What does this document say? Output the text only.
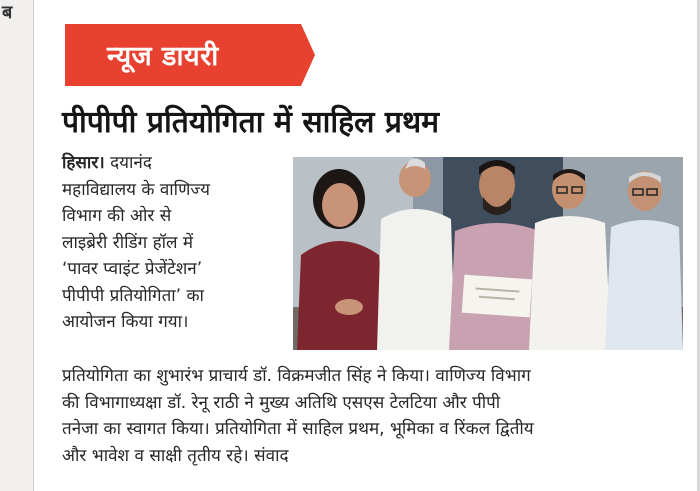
ब
न्यूज डायरी
पीपीपी प्रतियोगिता में साहिल प्रथम
हिसार। दयानंद
महाविद्यालय के वाणिज्य
विभाग की ओर से
लाइब्रेरी रीडिंग हॉल में
‘पावर प्वाइंट प्रेजेंटेशन’
पीपीपी प्रतियोगिता’ का
आयोजन किया गया।
प्रतियोगिता का शुभारंभ प्राचार्य डॉ. विक्रमजीत सिंह ने किया। वाणिज्य विभाग
की विभागाध्यक्षा डॉ. रेनू राठी ने मुख्य अतिथि एसएस टेलटिया और पीपी
तनेजा का स्वागत किया। प्रतियोगिता में साहिल प्रथम, भूमिका व रिंकल द्वितीय
और भावेश व साक्षी तृतीय रहे। संवाद
